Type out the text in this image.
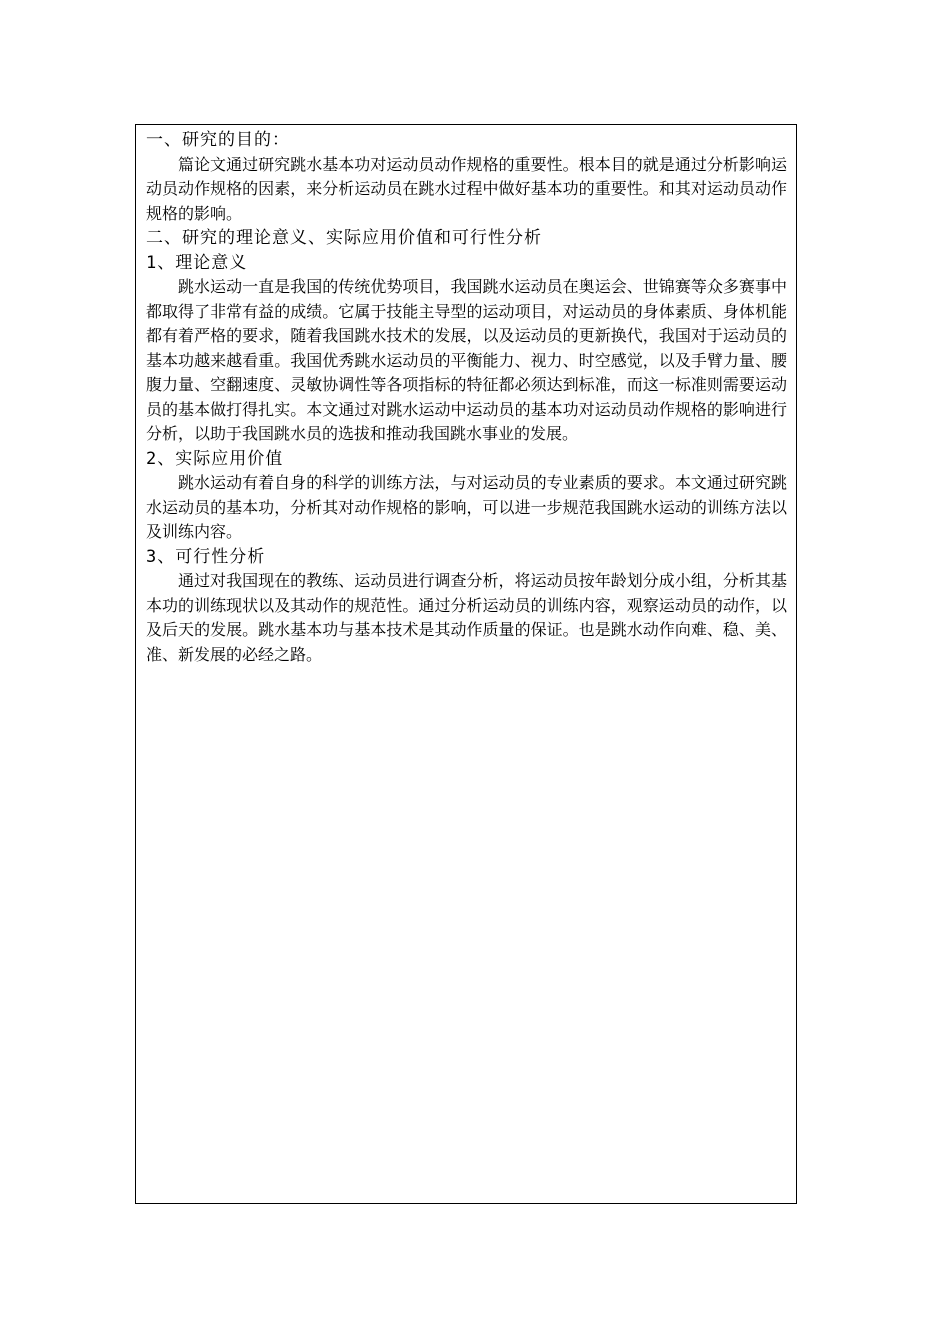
一、研究的目的：

篇论文通过研究跳水基本功对运动员动作规格的重要性。根本目的就是通过分析影响运动员动作规格的因素，来分析运动员在跳水过程中做好基本功的重要性。和其对运动员动作规格的影响。

二、研究的理论意义、实际应用价值和可行性分析

1、理论意义

跳水运动一直是我国的传统优势项目，我国跳水运动员在奥运会、世锦赛等众多赛事中都取得了非常有益的成绩。它属于技能主导型的运动项目，对运动员的身体素质、身体机能都有着严格的要求，随着我国跳水技术的发展，以及运动员的更新换代，我国对于运动员的基本功越来越看重。我国优秀跳水运动员的平衡能力、视力、时空感觉，以及手臂力量、腰腹力量、空翻速度、灵敏协调性等各项指标的特征都必须达到标准，而这一标准则需要运动员的基本做打得扎实。本文通过对跳水运动中运动员的基本功对运动员动作规格的影响进行分析，以助于我国跳水员的选拔和推动我国跳水事业的发展。

2、实际应用价值

跳水运动有着自身的科学的训练方法，与对运动员的专业素质的要求。本文通过研究跳水运动员的基本功，分析其对动作规格的影响，可以进一步规范我国跳水运动的训练方法以及训练内容。

3、可行性分析

通过对我国现在的教练、运动员进行调查分析，将运动员按年龄划分成小组，分析其基本功的训练现状以及其动作的规范性。通过分析运动员的训练内容，观察运动员的动作，以及后天的发展。跳水基本功与基本技术是其动作质量的保证。也是跳水动作向难、稳、美、准、新发展的必经之路。
